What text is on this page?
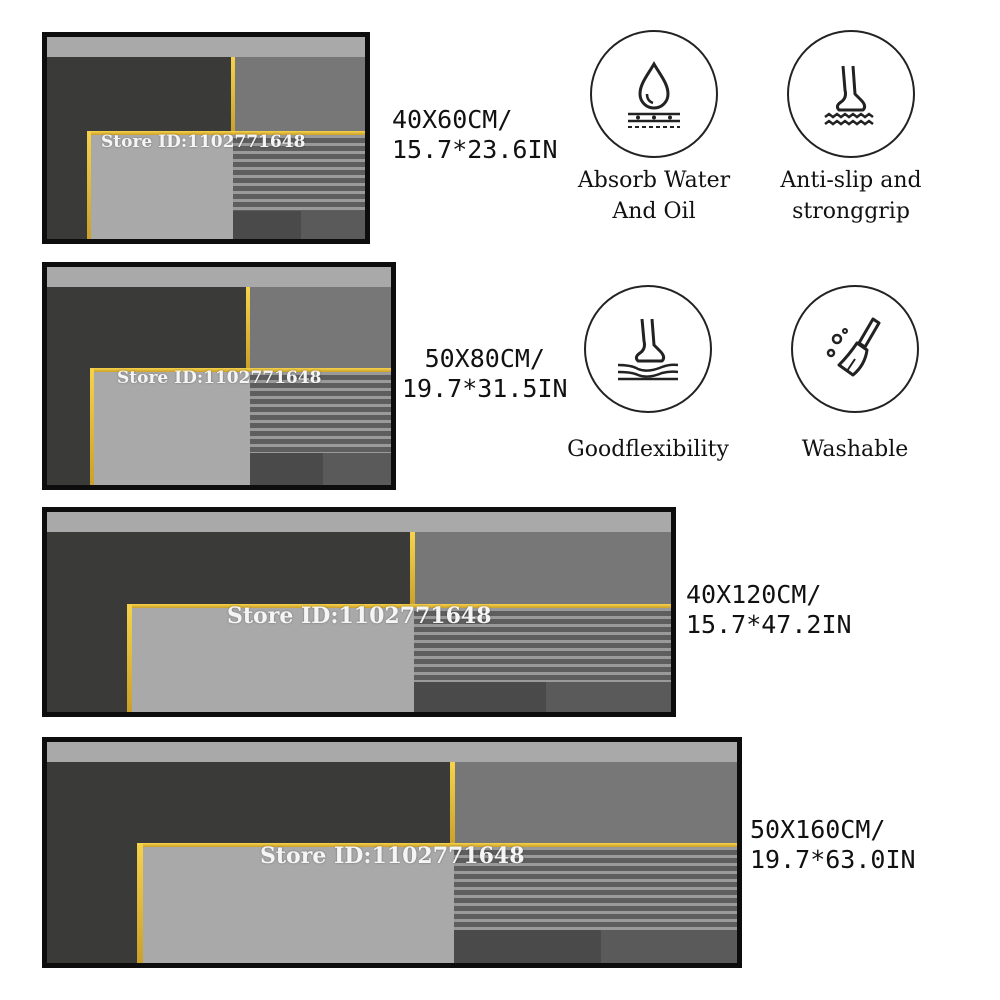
Store ID:1102771648
40X60CM/
15.7*23.6IN
Store ID:1102771648
50X80CM/
19.7*31.5IN
Store ID:1102771648
40X120CM/
15.7*47.2IN
Store ID:1102771648
50X160CM/
19.7*63.0IN
Absorb Water
And Oil
Anti-slip and
stronggrip
Goodflexibility	Washable
